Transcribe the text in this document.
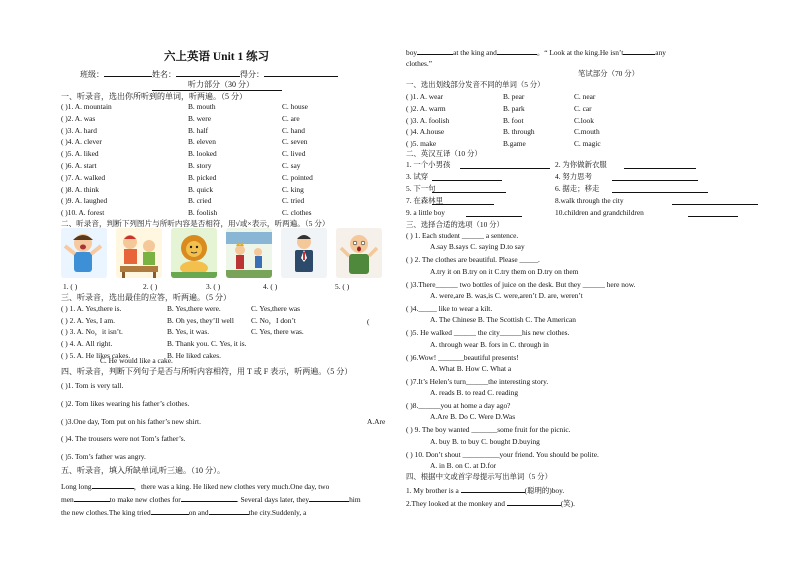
六上英语 Unit 1 练习
班级：	姓名：	得分：
听力部分（30 分）
一、听录音，选出你所听到的单词，听两遍。（5 分）
( )1. A. mountain	B. mouth	C. house
( )2. A. was	B. were	C. are
( )3. A. hard	B. half	C. hand
( )4. A. clever	B. eleven	C. seven
( )5. A. liked	B. looked	C. lived
( )6. A. start	B. story	C. say
( )7. A. walked	B. picked	C. pointed
( )8. A. think	B. quick	C. king
( )9. A. laughed	B. cried	C. tried
( )10. A. forest	B. foolish	C. clothes
二、听录音，判断下列图片与所听内容是否相符，用√或×表示，听两遍。（5 分）
1. ( )	2. ( )	3. ( )	4. ( )	5. ( )
三、听录音，选出最佳的应答，听两遍。（5 分）
( ) 1. A. Yes,there is.	B. Yes,there were.	C. Yes,there was
( ) 2. A. Yes, I am.	B. Oh yes, they’ll well C. No，I don’t
( ) 3. A. No，it isn’t.	B. Yes, it was.	C. Yes, there was.
( ) 4. A. All right.	B. Thank you. C. Yes, it is.
( ) 5. A. He likes cakes.	B. He liked cakes.
(
C. He would like a cake.
四、听录音，判断下列句子是否与所听内容相符，用 T 或 F 表示，听两遍。（5 分）
( )1. Tom is very tall.
( )2. Tom likes wearing his father’s clothes.
( )3.One day, Tom put on his father’s new shirt.
( )4. The trousers were not Tom’s father’s.
( )5. Tom’s father was angry.
A.Are
五、听录音，填入所缺单词,听三遍。（10 分）。
Long long	，there was a king. He liked new clothes very much.One day, two
men	to make new clothes for	. Several days later, they	him
the new clothes.The king tried	on and	the city.Suddenly, a
boy	at the king and	。“ Look at the king.He isn’t	any
clothes.”
笔试部分（70 分）
一、选出划线部分发音不同的单词（5 分）
( )1. A. wear	B. pear	C. near
( )2. A. warm	B. park	C. car
( )3. A. foolish	B. foot	C.look
( )4. A.house	B. through	C.mouth
( )5. make	B.game	C. magic
二、英汉互译（10 分）
1. 一个小男孩	2. 为你做新衣服
3. 试穿	4. 努力思考
5. 下一句	6. 据走；移走
7. 在森林里	8.walk through the city
9. a little boy	10.children and grandchildren
三、选择合适的选项（10 分）
( ) 1. Each student ______ a sentence.
A.say B.says C. saying D.to say
( ) 2. The clothes are beautiful. Please _____.
A.try it on B.try on it C.try them on D.try on them
( )3.There______ two bottles of juice on the desk. But they ______ here now.
A. were,are B. was,is C. were,aren’t D. are, weren’t
( )4._____ like to wear a kilt.
A. The Chinese B. The Scottish C. The American
( )5. He walked ______ the city______his new clothes.
A. through wear B. fors in C. through in
( )6.Wow! _______beautiful presents!
A. What B. How C. What a
( )7.It’s Helen’s turn______the interesting story.
A. reads B. to read C. reading
( )8.______you at home a day ago?
A.Are B. Do C. Were D.Was
( ) 9. The boy wanted _______some fruit for the picnic.
A. buy B. to buy C. bought D.buying
( ) 10. Don’t shout __________your friend. You should be polite.
A. in B. on C. at D.for
四、根据中文或首字母提示写出单词（5 分）
1. My brother is a	(聪明的)boy.
2.They looked at the monkey and	(笑).
